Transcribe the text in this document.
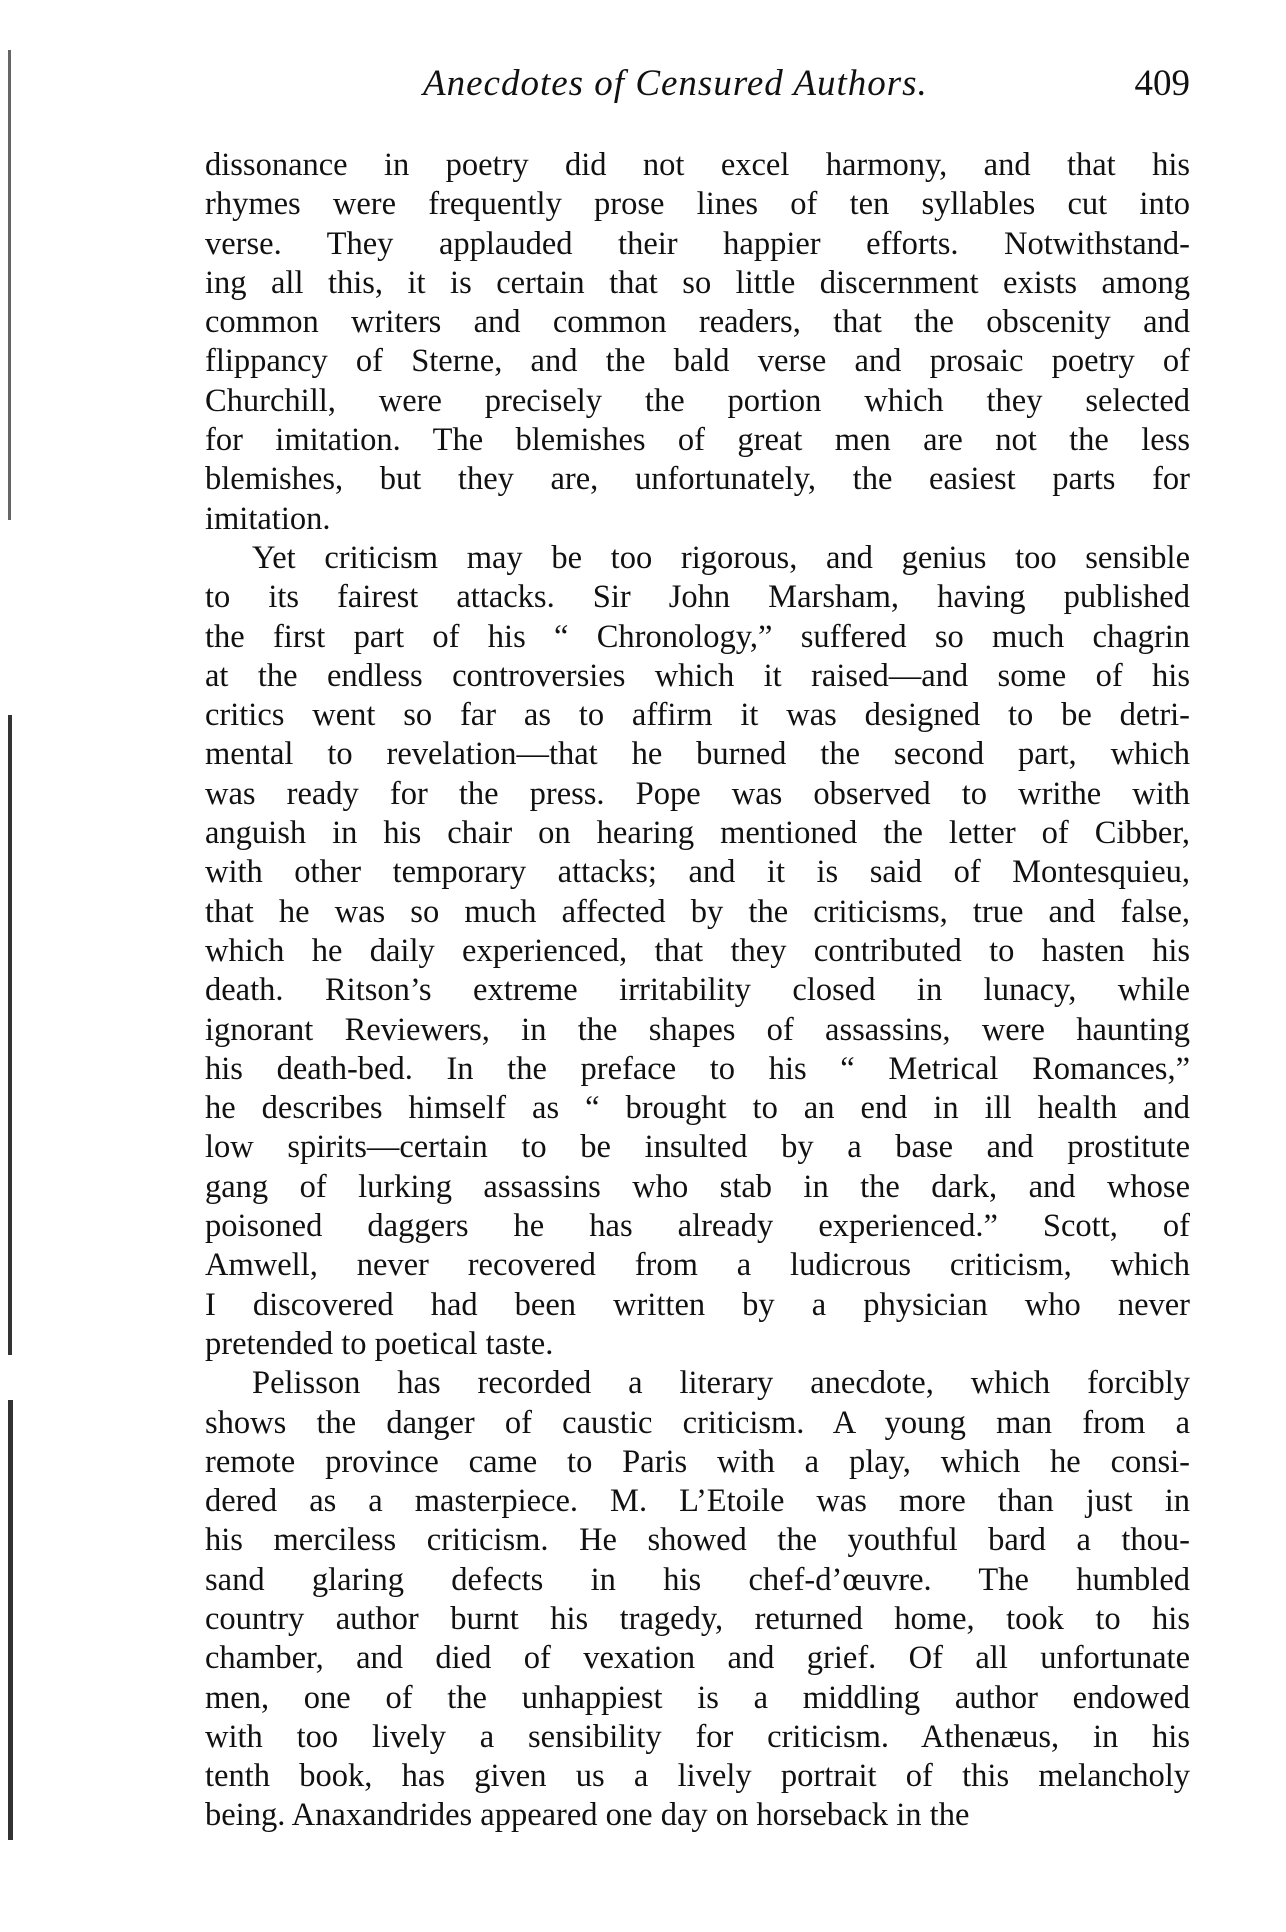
Anecdotes of Censured Authors.	409
dissonance in poetry did not excel harmony, and that his
rhymes were frequently prose lines of ten syllables cut into
verse. They applauded their happier efforts. Notwithstand-
ing all this, it is certain that so little discernment exists among
common writers and common readers, that the obscenity and
flippancy of Sterne, and the bald verse and prosaic poetry of
Churchill, were precisely the portion which they selected
for imitation. The blemishes of great men are not the less
blemishes, but they are, unfortunately, the easiest parts for
imitation.
Yet criticism may be too rigorous, and genius too sensible
to its fairest attacks. Sir John Marsham, having published
the first part of his “ Chronology,” suffered so much chagrin
at the endless controversies which it raised—and some of his
critics went so far as to affirm it was designed to be detri-
mental to revelation—that he burned the second part, which
was ready for the press. Pope was observed to writhe with
anguish in his chair on hearing mentioned the letter of Cibber,
with other temporary attacks; and it is said of Montesquieu,
that he was so much affected by the criticisms, true and false,
which he daily experienced, that they contributed to hasten his
death. Ritson’s extreme irritability closed in lunacy, while
ignorant Reviewers, in the shapes of assassins, were haunting
his death-bed. In the preface to his “ Metrical Romances,”
he describes himself as “ brought to an end in ill health and
low spirits—certain to be insulted by a base and prostitute
gang of lurking assassins who stab in the dark, and whose
poisoned daggers he has already experienced.” Scott, of
Amwell, never recovered from a ludicrous criticism, which
I discovered had been written by a physician who never
pretended to poetical taste.
Pelisson has recorded a literary anecdote, which forcibly
shows the danger of caustic criticism. A young man from a
remote province came to Paris with a play, which he consi-
dered as a masterpiece. M. L’Etoile was more than just in
his merciless criticism. He showed the youthful bard a thou-
sand glaring defects in his chef-d’œuvre. The humbled
country author burnt his tragedy, returned home, took to his
chamber, and died of vexation and grief. Of all unfortunate
men, one of the unhappiest is a middling author endowed
with too lively a sensibility for criticism. Athenæus, in his
tenth book, has given us a lively portrait of this melancholy
being. Anaxandrides appeared one day on horseback in the
